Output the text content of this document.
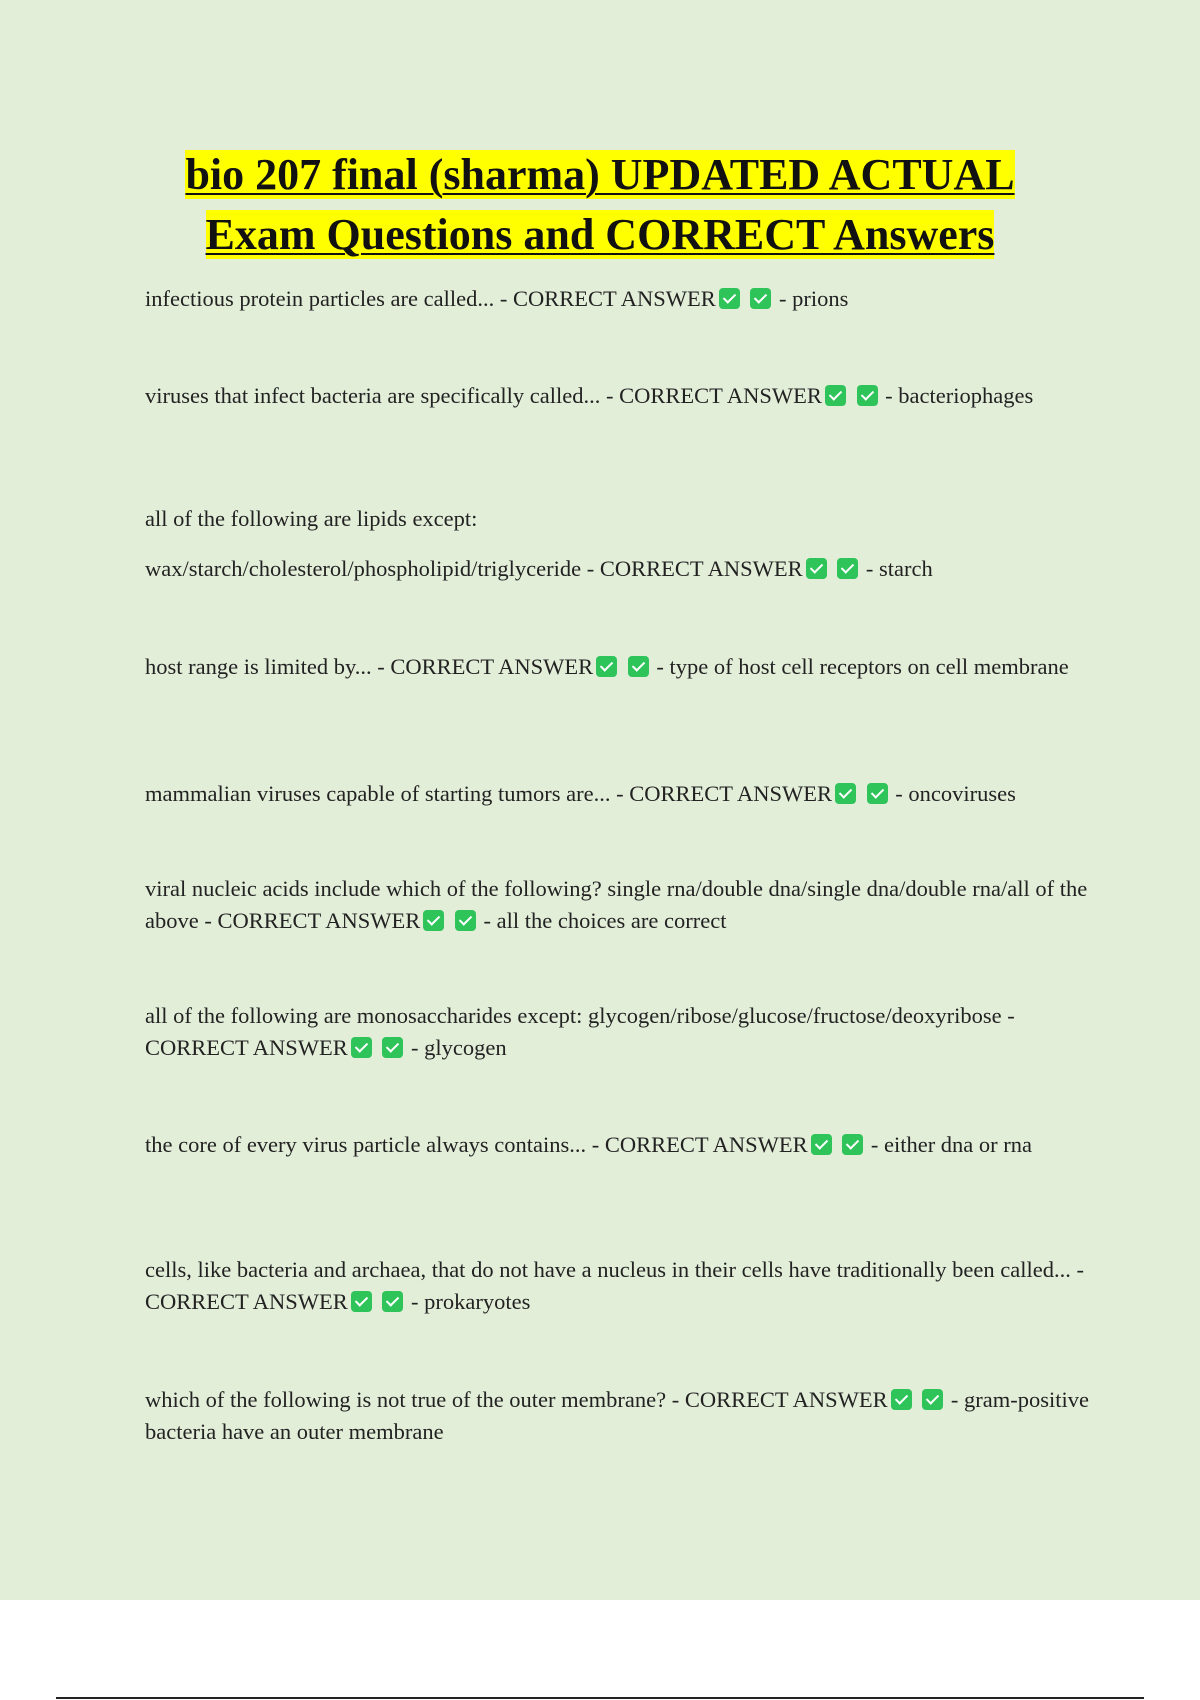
bio 207 final (sharma) UPDATED ACTUAL
Exam Questions and CORRECT Answers

infectious protein particles are called... - CORRECT ANSWER	- prions

viruses that infect bacteria are specifically called... - CORRECT ANSWER	- bacteriophages

all of the following are lipids except:

wax/starch/cholesterol/phospholipid/triglyceride - CORRECT ANSWER	- starch

host range is limited by... - CORRECT ANSWER	- type of host cell receptors on cell membrane

mammalian viruses capable of starting tumors are... - CORRECT ANSWER	- oncoviruses

viral nucleic acids include which of the following? single rna/double dna/single dna/double rna/all of the above - CORRECT ANSWER	- all the choices are correct

all of the following are monosaccharides except: glycogen/ribose/glucose/fructose/deoxyribose - CORRECT ANSWER	- glycogen

the core of every virus particle always contains... - CORRECT ANSWER	- either dna or rna

cells, like bacteria and archaea, that do not have a nucleus in their cells have traditionally been called... - CORRECT ANSWER	- prokaryotes

which of the following is not true of the outer membrane? - CORRECT ANSWER	- gram-positive bacteria have an outer membrane
